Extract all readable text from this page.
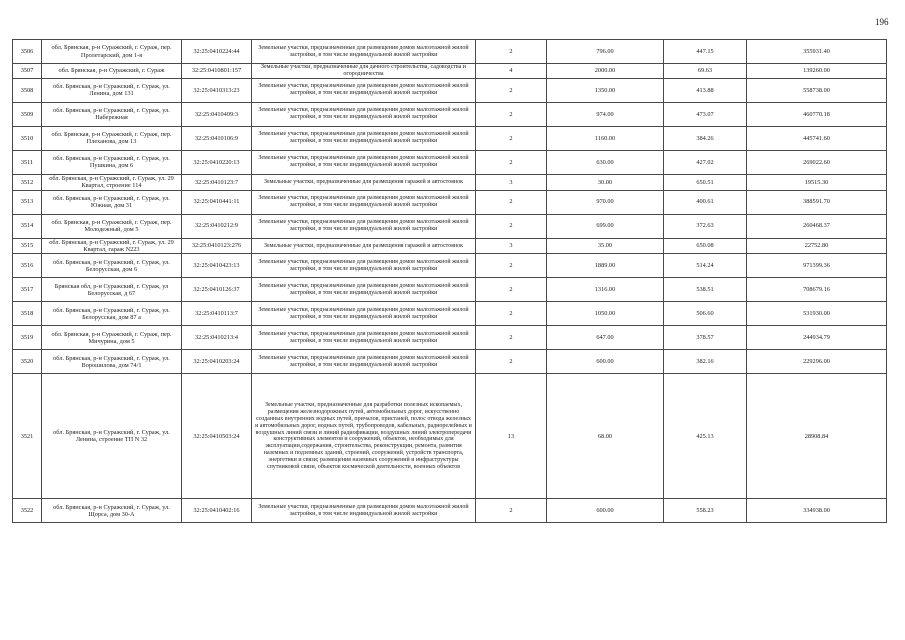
196
3506	обл. Брянская, р-н Суражский, г. Сураж, пер. Пролетарский, дом 1-я	32:25:0410224:44	Земельные участки, предназначенные для размещения домов малоэтажной жилой застройки, в том числе индивидуальной жилой застройки	2	796.00	447.15	355931.40
3507	обл. Брянская, р-н Суражский, г. Сураж	32:25:0410801:157	Земельные участки, предназначенные для дачного строительства, садоводства и огородничества	4	2000.00	69.63	139260.00
3508	обл. Брянская, р-н Суражский, г. Сураж, ул. Ленина, дом 131	32:25:0410313:23	Земельные участки, предназначенные для размещения домов малоэтажной жилой застройки, в том числе индивидуальной жилой застройки	2	1350.00	413.88	558738.00
3509	обл. Брянская, р-н Суражский, г. Сураж, ул. Набережная	32:25:0410409:3	Земельные участки, предназначенные для размещения домов малоэтажной жилой застройки, в том числе индивидуальной жилой застройки	2	974.00	473.07	460770.18
3510	обл. Брянская, р-н Суражский, г. Сураж, пер. Плеханова, дом 13	32:25:0410106:9	Земельные участки, предназначенные для размещения домов малоэтажной жилой застройки, в том числе индивидуальной жилой застройки	2	1160.00	384.26	445741.60
3511	обл. Брянская, р-н Суражский, г. Сураж, ул. Пушкина, дом 6	32:25:0410220:13	Земельные участки, предназначенные для размещения домов малоэтажной жилой застройки, в том числе индивидуальной жилой застройки	2	630.00	427.02	269022.60
3512	обл. Брянская, р-н Суражский, г. Сураж, ул. 29 Квартал, строение 114	32:25:0410123:7	Земельные участки, предназначенные для размещения гаражей и автостоянок	3	30.00	650.51	19515.30
3513	обл. Брянская, р-н Суражский, г. Сураж, ул. Южная, дом 31	32:25:0410441:11	Земельные участки, предназначенные для размещения домов малоэтажной жилой застройки, в том числе индивидуальной жилой застройки	2	970.00	400.61	388591.70
3514	обл. Брянская, р-н Суражский, г. Сураж, пер. Молодежный, дом 5	32:25:0410212:9	Земельные участки, предназначенные для размещения домов малоэтажной жилой застройки, в том числе индивидуальной жилой застройки	2	699.00	372.63	260468.37
3515	обл. Брянская, р-н Суражский, г. Сураж, ул. 29 Квартал, гараж N223	32:25:0410123:276	Земельные участки, предназначенные для размещения гаражей и автостоянок	3	35.00	650.08	22752.80
3516	обл. Брянская, р-н Суражский, г. Сураж, ул. Белорусская, дом 6	32:25:0410423:13	Земельные участки, предназначенные для размещения домов малоэтажной жилой застройки, в том числе индивидуальной жилой застройки	2	1889.00	514.24	971399.36
3517	Брянская обл, р-н Суражский, г. Сураж, ул Белорусская, д 67	32:25:0410126:37	Земельные участки, предназначенные для размещения домов малоэтажной жилой застройки, в том числе индивидуальной жилой застройки	2	1316.00	538.51	708679.16
3518	обл. Брянская, р-н Суражский, г. Сураж, ул. Белорусская, дом 87 а	32:25:0410113:7	Земельные участки, предназначенные для размещения домов малоэтажной жилой застройки, в том числе индивидуальной жилой застройки	2	1050.00	506.60	531930.00
3519	обл. Брянская, р-н Суражский, г. Сураж, пер. Мичурина, дом 5	32:25:0410213:4	Земельные участки, предназначенные для размещения домов малоэтажной жилой застройки, в том числе индивидуальной жилой застройки	2	647.00	378.57	244934.79
3520	обл. Брянская, р-н Суражский, г. Сураж, ул. Ворошилова, дом 74/1	32:25:0410203:24	Земельные участки, предназначенные для размещения домов малоэтажной жилой застройки, в том числе индивидуальной жилой застройки	2	600.00	382.16	229296.00
3521	обл. Брянская, р-н Суражский, г. Сураж, ул. Ленина, строение ТП N 32	32:25:0410503:24	Земельные участки, предназначенные для разработки полезных ископаемых, размещения железнодорожных путей, автомобильных дорог, искусственно созданных внутренних водных путей, причалов, пристаней, полос отвода железных и автомобильных дорог, водных путей, трубопроводов, кабельных, радиорелейных и воздушных линий связи и линий радиофикации, воздушных линий электропередачи конструктивных элементов и сооружений, объектов, необходимых для эксплуатации,содержания, строительства, реконструкции, ремонта, развития наземных и подземных зданий, строений, сооружений, устройств транспорта, энергетики и связи; размещения наземных сооружений и инфраструктуры спутниковой связи, объектов космической деятельности, военных объектов	13	68.00	425.13	28908.84
3522	обл. Брянская, р-н Суражский, г. Сураж, ул. Щорса, дом 30-А	32:25:0410402:16	Земельные участки, предназначенные для размещения домов малоэтажной жилой застройки, в том числе индивидуальной жилой застройки	2	600.00	558.23	334938.00
